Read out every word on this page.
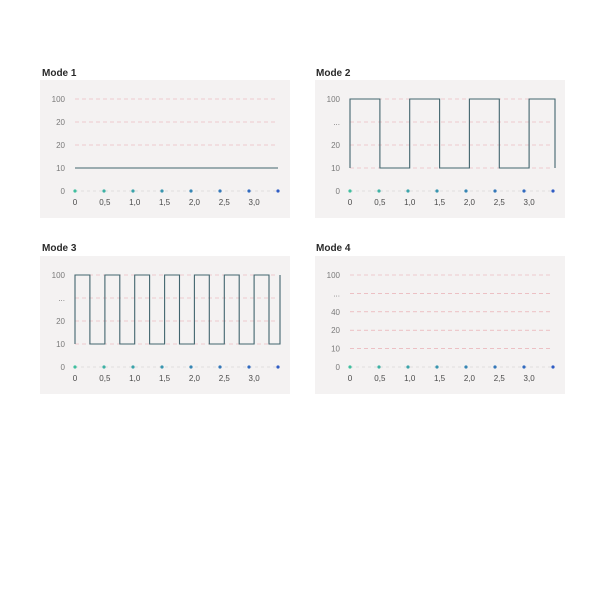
Mode 1
100
20
20
10
0
0	0,5 1,0 1,5 2,0 2,5 3,0
Mode 2
100
...
20
10
0
0	0,5 1,0 1,5 2,0 2,5 3,0
Mode 3
100
...
20
10
0
0	0,5 1,0 1,5 2,0 2,5 3,0
Mode 4
100
...
40
20
10
0
0	0,5 1,0 1,5 2,0 2,5 3,0
